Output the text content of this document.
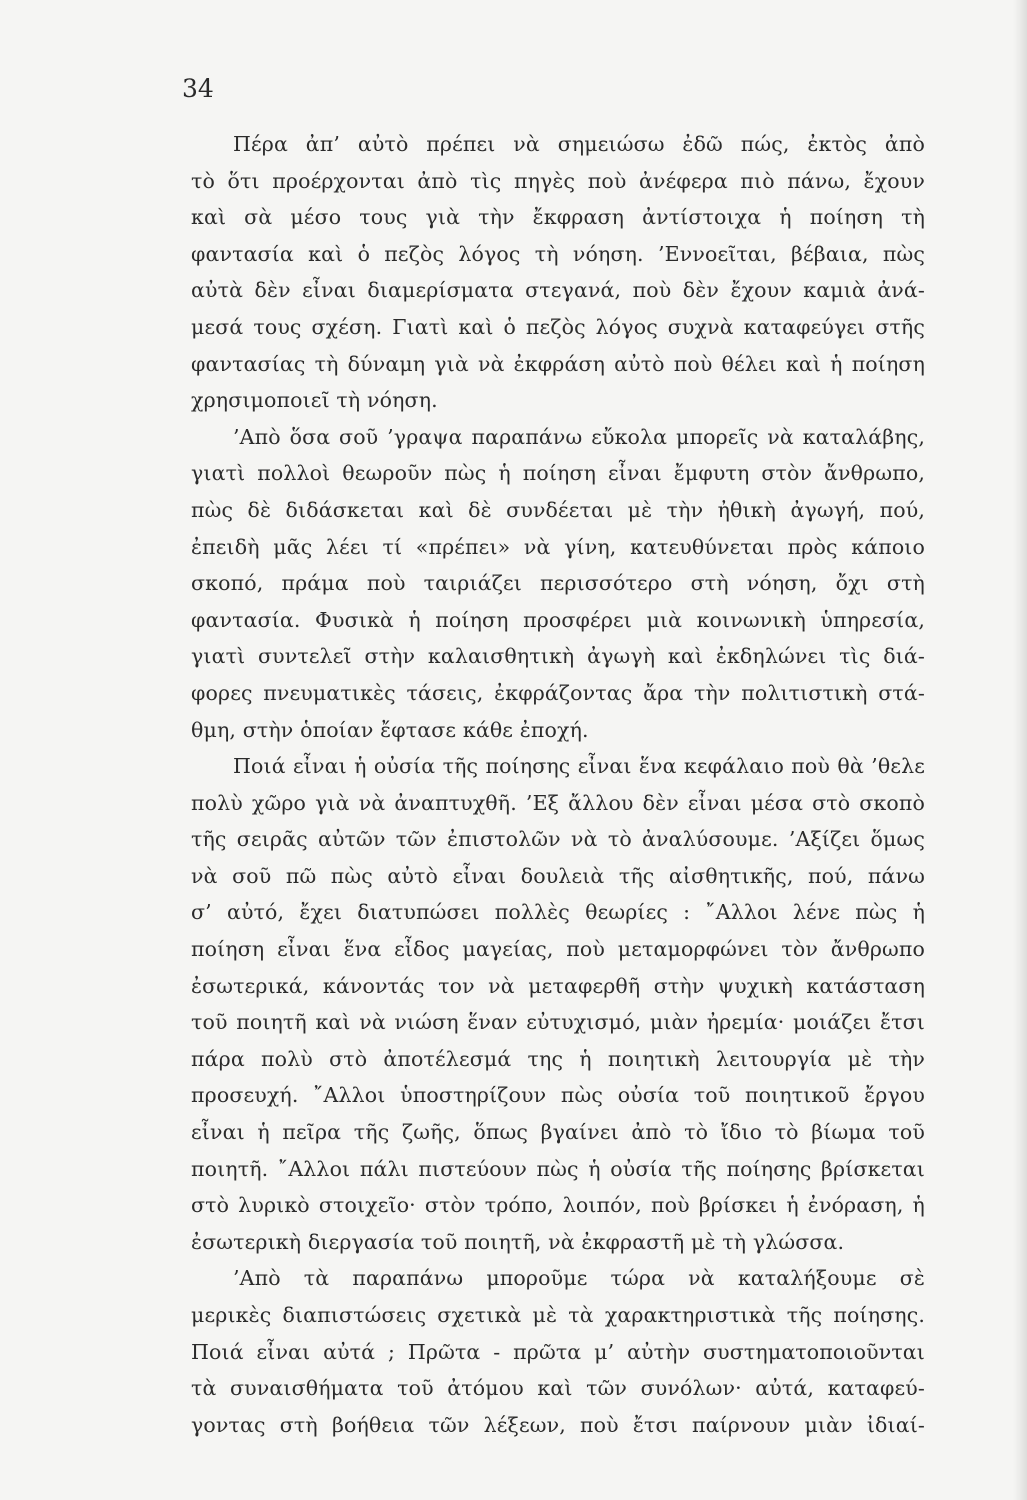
34
Πέρα ἀπ’ αὐτὸ πρέπει νὰ σημειώσω ἐδῶ πώς, ἐκτὸς ἀπὸ
τὸ ὅτι προέρχονται ἀπὸ τὶς πηγὲς ποὺ ἀνέφερα πιὸ πάνω, ἔχουν
καὶ σὰ μέσο τους γιὰ τὴν ἔκφραση ἀντίστοιχα ἡ ποίηση τὴ
φαντασία καὶ ὁ πεζὸς λόγος τὴ νόηση. ’Εννοεῖται, βέβαια, πὼς
αὐτὰ δὲν εἶναι διαμερίσματα στεγανά, ποὺ δὲν ἔχουν καμιὰ ἀνά-
μεσά τους σχέση. Γιατὶ καὶ ὁ πεζὸς λόγος συχνὰ καταφεύγει στῆς
φαντασίας τὴ δύναμη γιὰ νὰ ἐκφράση αὐτὸ ποὺ θέλει καὶ ἡ ποίηση
χρησιμοποιεῖ τὴ νόηση.
’Απὸ ὅσα σοῦ ’γραψα παραπάνω εὔκολα μπορεῖς νὰ καταλάβης,
γιατὶ πολλοὶ θεωροῦν πὼς ἡ ποίηση εἶναι ἔμφυτη στὸν ἄνθρωπο,
πὼς δὲ διδάσκεται καὶ δὲ συνδέεται μὲ τὴν ἠθικὴ ἀγωγή, πού,
ἐπειδὴ μᾶς λέει τί «πρέπει» νὰ γίνη, κατευθύνεται πρὸς κάποιο
σκοπό, πράμα ποὺ ταιριάζει περισσότερο στὴ νόηση, ὄχι στὴ
φαντασία. Φυσικὰ ἡ ποίηση προσφέρει μιὰ κοινωνικὴ ὑπηρεσία,
γιατὶ συντελεῖ στὴν καλαισθητικὴ ἀγωγὴ καὶ ἐκδηλώνει τὶς διά-
φορες πνευματικὲς τάσεις, ἐκφράζοντας ἄρα τὴν πολιτιστικὴ στά-
θμη, στὴν ὁποίαν ἔφτασε κάθε ἐποχή.
Ποιά εἶναι ἡ οὐσία τῆς ποίησης εἶναι ἕνα κεφάλαιο ποὺ θὰ ’θελε
πολὺ χῶρο γιὰ νὰ ἀναπτυχθῆ. ’Εξ ἄλλου δὲν εἶναι μέσα στὸ σκοπὸ
τῆς σειρᾶς αὐτῶν τῶν ἐπιστολῶν νὰ τὸ ἀναλύσουμε. ’Αξίζει ὅμως
νὰ σοῦ πῶ πὼς αὐτὸ εἶναι δουλειὰ τῆς αἰσθητικῆς, πού, πάνω
σ’ αὐτό, ἔχει διατυπώσει πολλὲς θεωρίες : ῎Αλλοι λένε πὼς ἡ
ποίηση εἶναι ἕνα εἶδος μαγείας, ποὺ μεταμορφώνει τὸν ἄνθρωπο
ἐσωτερικά, κάνοντάς τον νὰ μεταφερθῆ στὴν ψυχικὴ κατάσταση
τοῦ ποιητῆ καὶ νὰ νιώση ἕναν εὐτυχισμό, μιὰν ἠρεμία· μοιάζει ἔτσι
πάρα πολὺ στὸ ἀποτέλεσμά της ἡ ποιητικὴ λειτουργία μὲ τὴν
προσευχή. ῎Αλλοι ὑποστηρίζουν πὼς οὐσία τοῦ ποιητικοῦ ἔργου
εἶναι ἡ πεῖρα τῆς ζωῆς, ὅπως βγαίνει ἀπὸ τὸ ἴδιο τὸ βίωμα τοῦ
ποιητῆ. ῎Αλλοι πάλι πιστεύουν πὼς ἡ οὐσία τῆς ποίησης βρίσκεται
στὸ λυρικὸ στοιχεῖο· στὸν τρόπο, λοιπόν, ποὺ βρίσκει ἡ ἐνόραση, ἡ
ἐσωτερικὴ διεργασία τοῦ ποιητῆ, νὰ ἐκφραστῆ μὲ τὴ γλώσσα.
’Απὸ τὰ παραπάνω μποροῦμε τώρα νὰ καταλήξουμε σὲ
μερικὲς διαπιστώσεις σχετικὰ μὲ τὰ χαρακτηριστικὰ τῆς ποίησης.
Ποιά εἶναι αὐτά ; Πρῶτα - πρῶτα μ’ αὐτὴν συστηματοποιοῦνται
τὰ συναισθήματα τοῦ ἀτόμου καὶ τῶν συνόλων· αὐτά, καταφεύ-
γοντας στὴ βοήθεια τῶν λέξεων, ποὺ ἔτσι παίρνουν μιὰν ἰδιαί-
